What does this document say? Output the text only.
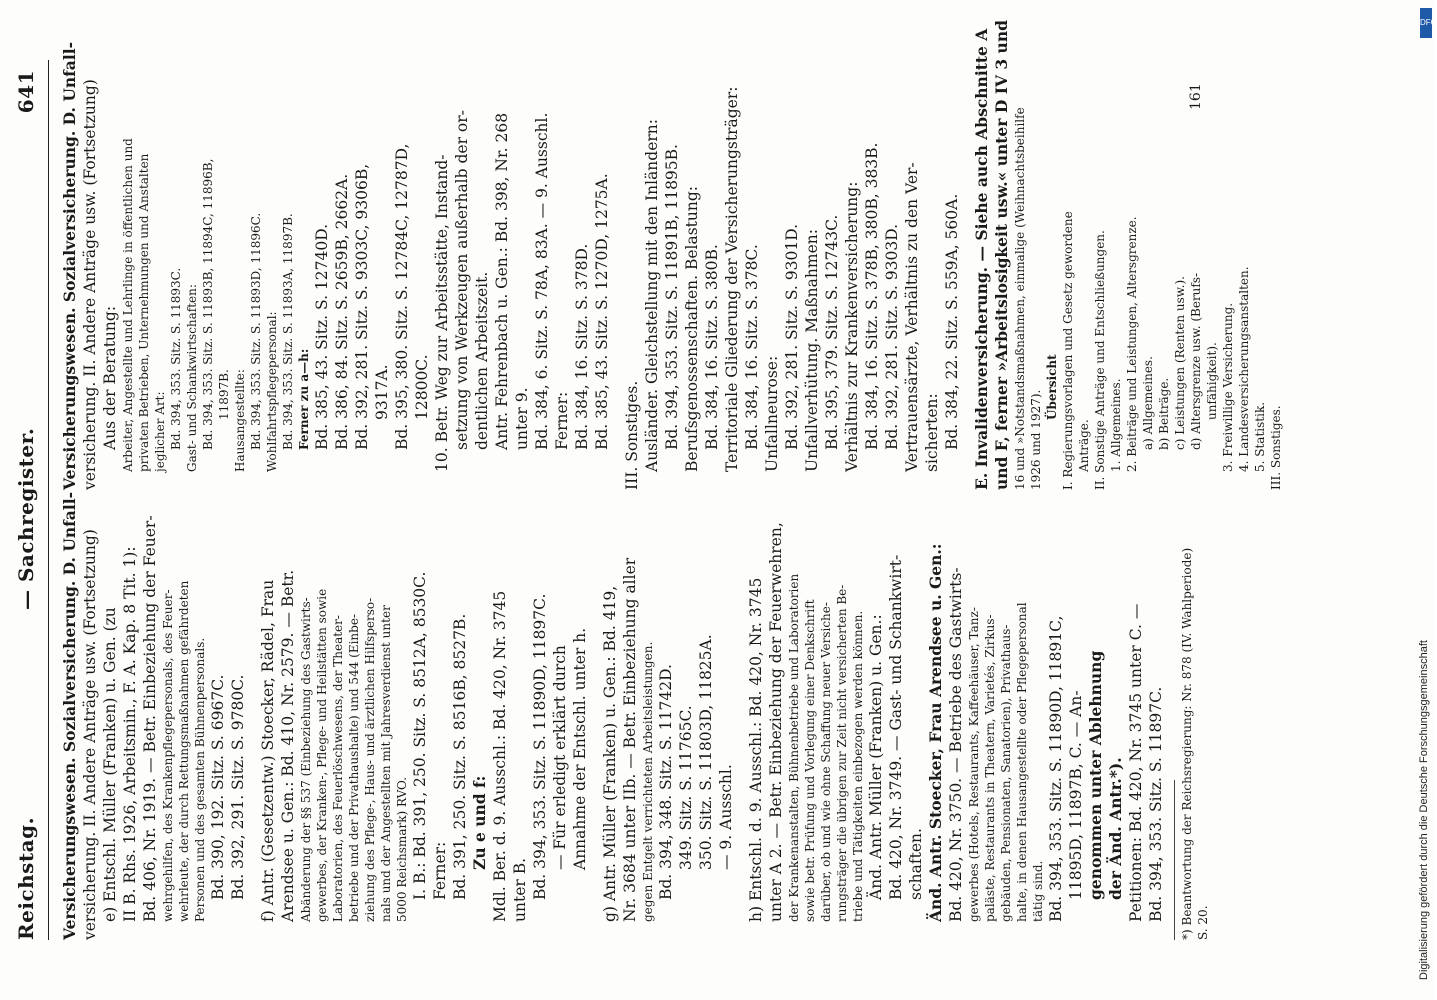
Reichstag.
— Sachregister.
641
Versicherungswesen. Sozialversicherung. D. Unfall- versicherung. II. Andere Anträge usw. (Fortsetzung) e) Entschl. Müller (Franken) u. Gen. (zu II B. Rhs. 1926, Arbeitsmin., F. A. Kap. 8 Tit. 1): Bd. 406, Nr. 1919. — Betr. Einbeziehung der Feuer- wehrgehilfen, des Krankenpflegepersonals, des Feuer- wehrleute, der durch Rettungsmaßnahmen gefährdeten Personen und des gesamten Bühnenpersonals. Bd. 390, 192. Sitz. S. 6967C. Bd. 392, 291. Sitz. S. 9780C. f) Antr. (Gesetzentw.) Stoecker, Rädel, Frau Arendsee u. Gen.: Bd. 410, Nr. 2579. — Betr. Abänderung der §§ 537 (Einbeziehung des Gastwirts- gewerbes, der Kranken-, Pflege- und Heilstätten sowie Laboratorien, des Feuerlöschwesens, der Theater- betriebe und der Privathaushalte) und 544 (Einbe- ziehung des Pflege-, Haus- und ärztlichen Hilfsperso- nals und der Angestellten mit Jahresverdienst unter 5000 Reichsmark) RVO. I. B.: Bd. 391, 250. Sitz. S. 8512A, 8530C. Ferner: Bd. 391, 250. Sitz. S. 8516B, 8527B. Zu e und f: Mdl. Ber. d. 9. Ausschl.: Bd. 420, Nr. 3745 unter B. Bd. 394, 353. Sitz. S. 11890D, 11897C. — Für erledigt erklärt durch Annahme der Entschl. unter h. g) Antr. Müller (Franken) u. Gen.: Bd. 419, Nr. 3684 unter IIb. — Betr. Einbeziehung aller gegen Entgelt verrichteten Arbeitsleistungen. Bd. 394, 348. Sitz. S. 11742D. 349. Sitz. S. 11765C. 350. Sitz. S. 11803D, 11825A. — 9. Ausschl. h) Entschl. d. 9. Ausschl.: Bd. 420, Nr. 3745 unter A 2. — Betr. Einbeziehung der Feuerwehren, der Krankenanstalten, Bühnenbetriebe und Laboratorien sowie betr. Prüfung und Vorlegung einer Denkschrift darüber, ob und wie ohne Schaffung neuer Versiche- rungsträger die übrigen zur Zeit nicht versicherten Be- triebe und Tätigkeiten einbezogen werden können. Änd. Antr. Müller (Franken) u. Gen.: Bd. 420, Nr. 3749. — Gast- und Schankwirt- schaften. Änd. Antr. Stoecker, Frau Arendsee u. Gen.: Bd. 420, Nr. 3750. — Betriebe des Gastwirts- gewerbes (Hotels, Restaurants, Kaffeehäuser, Tanz- paläste, Restaurants in Theatern, Varietés, Zirkus- gebäuden, Pensionaten, Sanatorien), Privathaus- halte, in denen Hausangestellte oder Pflegepersonal tätig sind. Bd. 394, 353. Sitz. S. 11890D, 11891C, 11895D, 11897B, C. — An- genommen unter Ablehnung der Änd. Antr.*). Petitionen: Bd. 420, Nr. 3745 unter C. — Bd. 394, 353. Sitz. S. 11897C. *) Beantwortung der Reichsregierung: Nr. 878 (IV. Wahlperiode) S. 20.
Versicherungswesen. Sozialversicherung. D. Unfall- versicherung. II. Andere Anträge usw. (Fortsetzung) Aus der Beratung: Arbeiter, Angestellte und Lehrlinge in öffentlichen und privaten Betrieben, Unternehmungen und Anstalten jeglicher Art: Bd. 394, 353. Sitz. S. 11893C. Gast- und Schankwirtschaften: Bd. 394, 353. Sitz. S. 11893B, 11894C, 11896B, 11897B. Hausangestellte: Bd. 394, 353. Sitz. S. 11893D, 11896C. Wohlfahrtspflegepersonal: Bd. 394, 353. Sitz. S. 11893A, 11897B. Ferner zu a—h: Bd. 385, 43. Sitz. S. 12740D. Bd. 386, 84. Sitz. S. 2659B, 2662A. Bd. 392, 281. Sitz. S. 9303C, 9306B, 9317A. Bd. 395, 380. Sitz. S. 12784C, 12787D, 12800C. 10. Betr. Weg zur Arbeitsstätte, Instand- setzung von Werkzeugen außerhalb der or- dentlichen Arbeitszeit. Antr. Fehrenbach u. Gen.: Bd. 398, Nr. 268 unter 9. Bd. 384, 6. Sitz. S. 78A, 83A. — 9. Ausschl. Ferner: Bd. 384, 16. Sitz. S. 378D. Bd. 385, 43. Sitz. S. 1270D, 1275A. III. Sonstiges. Ausländer. Gleichstellung mit den Inländern: Bd. 394, 353. Sitz. S. 11891B, 11895B. Berufsgenossenschaften. Belastung: Bd. 384, 16. Sitz. S. 380B. Territoriale Gliederung der Versicherungsträger: Bd. 384, 16. Sitz. S. 378C. Unfallneurose: Bd. 392, 281. Sitz. S. 9301D. Unfallverhütung. Maßnahmen: Bd. 395, 379. Sitz. S. 12743C. Verhältnis zur Krankenversicherung: Bd. 384, 16. Sitz. S. 378B, 380B, 383B. Bd. 392, 281. Sitz. S. 9303D. Vertrauensärzte, Verhältnis zu den Ver- sicherten: Bd. 384, 22. Sitz. S. 559A, 560A. E. Invalidenversicherung. — Siehe auch Abschnitte A und F, ferner »Arbeitslosigkeit usw.« unter D IV 3 und 16 und »Notstandsmaßnahmen, einmalige (Weihnachtsbeihilfe 1926 und 1927).
Übersicht I. Regierungsvorlagen und Gesetz gewordene Anträge. II. Sonstige Anträge und Entschließungen. 1. Allgemeines. 2. Beiträge und Leistungen, Altersgrenze. a) Allgemeines. b) Beiträge. c) Leistungen (Renten usw.). d) Altersgrenze usw. (Berufs- unfähigkeit). 3. Freiwillige Versicherung. 4. Landesversicherungsanstalten. 5. Statistik. III. Sonstiges.
161
Digitalisierung gefördert durch die Deutsche Forschungsgemeinschaft
DFG
